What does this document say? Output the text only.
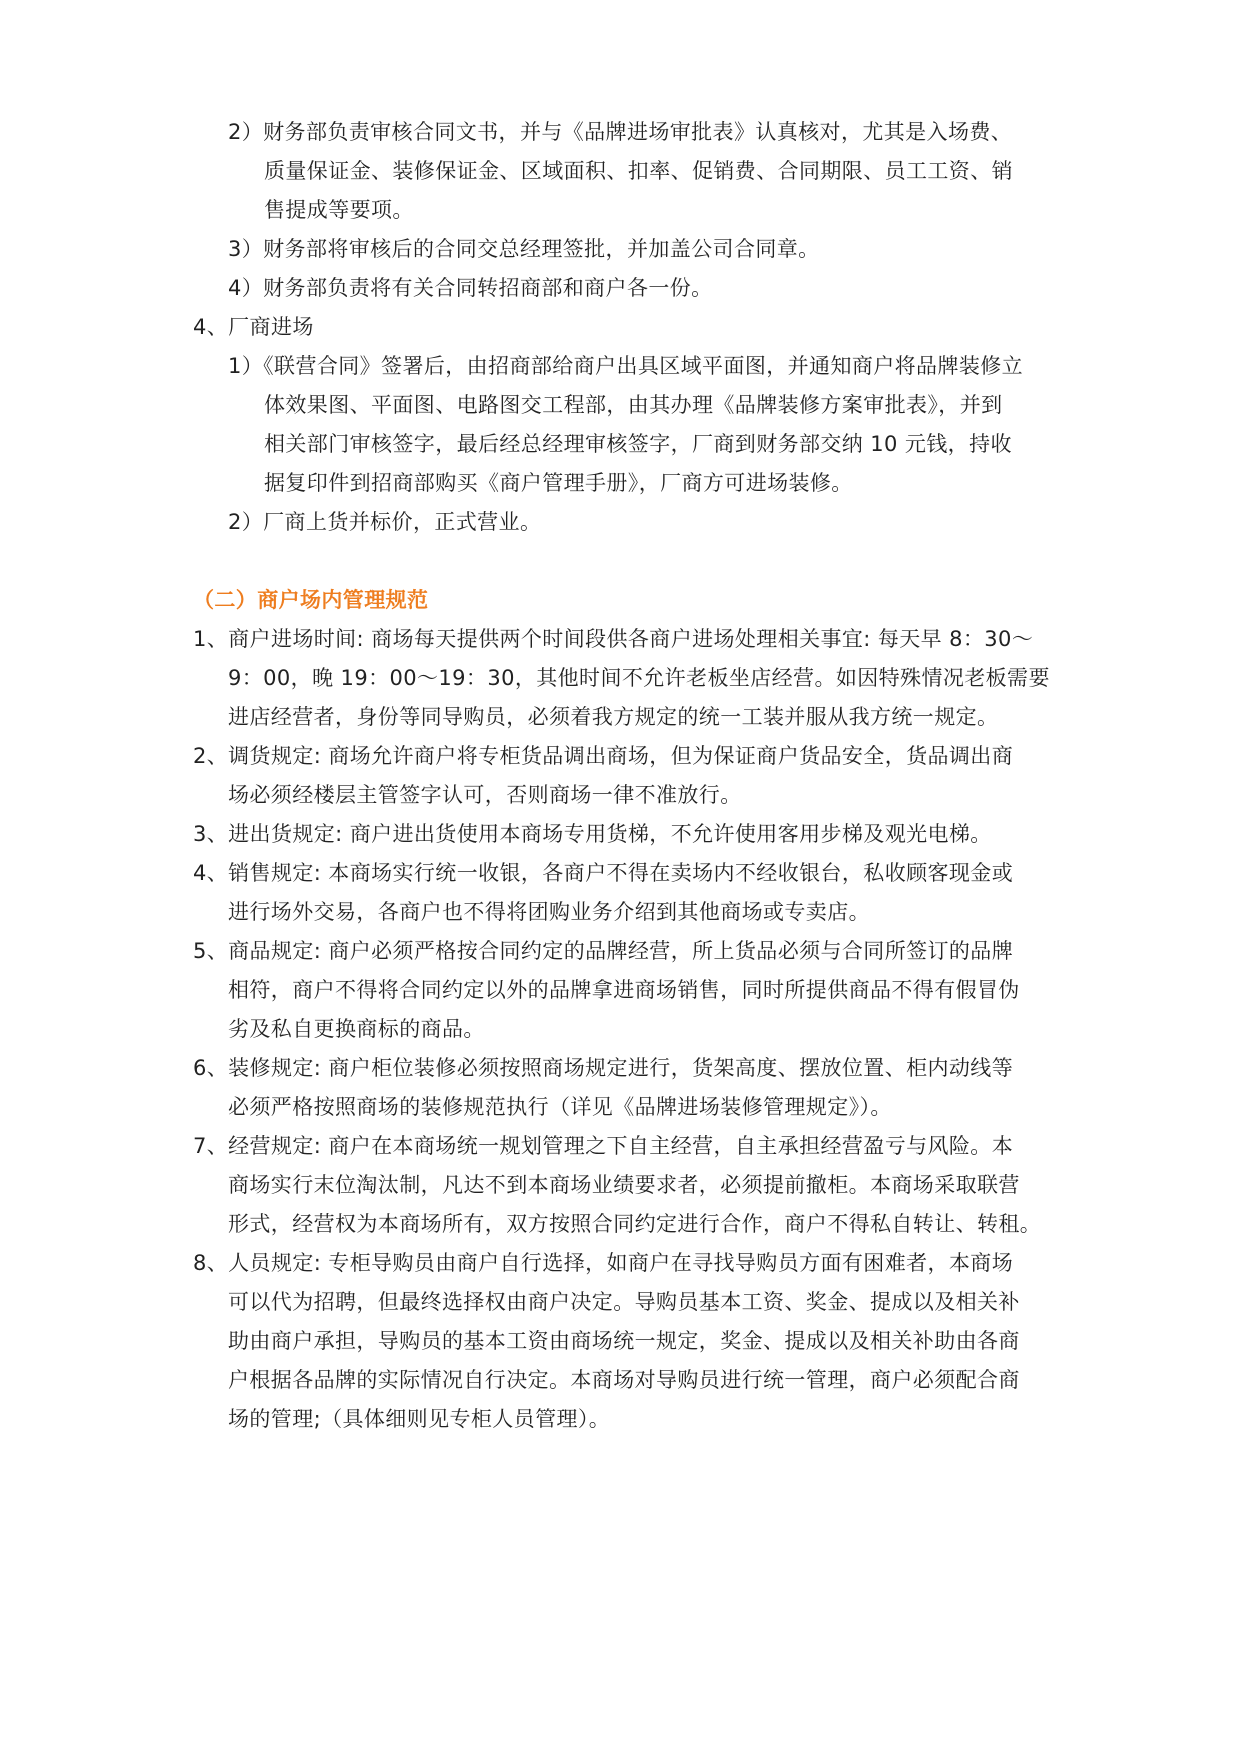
2）财务部负责审核合同文书，并与《品牌进场审批表》认真核对，尤其是入场费、
质量保证金、装修保证金、区域面积、扣率、促销费、合同期限、员工工资、销
售提成等要项。
3）财务部将审核后的合同交总经理签批，并加盖公司合同章。
4）财务部负责将有关合同转招商部和商户各一份。
4、厂商进场
1）《联营合同》签署后，由招商部给商户出具区域平面图，并通知商户将品牌装修立
体效果图、平面图、电路图交工程部，由其办理《品牌装修方案审批表》，并到
相关部门审核签字，最后经总经理审核签字，厂商到财务部交纳 10 元钱，持收
据复印件到招商部购买《商户管理手册》，厂商方可进场装修。
2）厂商上货并标价，正式营业。
（二）商户场内管理规范
1、商户进场时间: 商场每天提供两个时间段供各商户进场处理相关事宜: 每天早 8：30～
9：00，晚 19：00～19：30，其他时间不允许老板坐店经营。如因特殊情况老板需要
进店经营者，身份等同导购员，必须着我方规定的统一工装并服从我方统一规定。
2、调货规定: 商场允许商户将专柜货品调出商场，但为保证商户货品安全，货品调出商
场必须经楼层主管签字认可，否则商场一律不准放行。
3、进出货规定: 商户进出货使用本商场专用货梯，不允许使用客用步梯及观光电梯。
4、销售规定: 本商场实行统一收银，各商户不得在卖场内不经收银台，私收顾客现金或
进行场外交易，各商户也不得将团购业务介绍到其他商场或专卖店。
5、商品规定: 商户必须严格按合同约定的品牌经营，所上货品必须与合同所签订的品牌
相符，商户不得将合同约定以外的品牌拿进商场销售，同时所提供商品不得有假冒伪
劣及私自更换商标的商品。
6、装修规定: 商户柜位装修必须按照商场规定进行，货架高度、摆放位置、柜内动线等
必须严格按照商场的装修规范执行（详见《品牌进场装修管理规定》）。
7、经营规定: 商户在本商场统一规划管理之下自主经营，自主承担经营盈亏与风险。本
商场实行末位淘汰制，凡达不到本商场业绩要求者，必须提前撤柜。本商场采取联营
形式，经营权为本商场所有，双方按照合同约定进行合作，商户不得私自转让、转租。
8、人员规定: 专柜导购员由商户自行选择，如商户在寻找导购员方面有困难者，本商场
可以代为招聘，但最终选择权由商户决定。导购员基本工资、奖金、提成以及相关补
助由商户承担，导购员的基本工资由商场统一规定，奖金、提成以及相关补助由各商
户根据各品牌的实际情况自行决定。本商场对导购员进行统一管理，商户必须配合商
场的管理;（具体细则见专柜人员管理）。
